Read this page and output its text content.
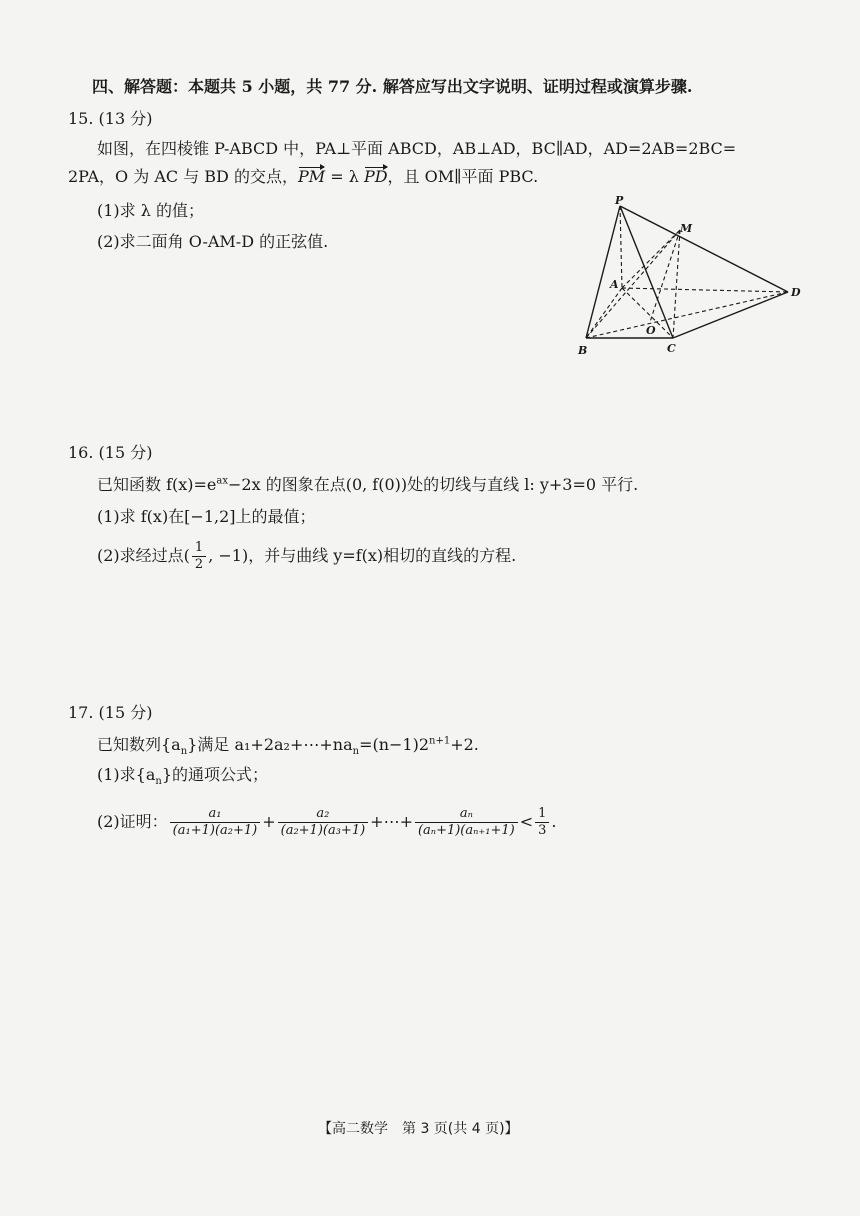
四、解答题：本题共 5 小题，共 77 分. 解答应写出文字说明、证明过程或演算步骤.
15. (13 分)
如图，在四棱锥 P-ABCD 中，PA⊥平面 ABCD，AB⊥AD，BC∥AD，AD=2AB=2BC=
2PA，O 为 AC 与 BD 的交点，PM = λ PD，且 OM∥平面 PBC.
(1)求 λ 的值；
(2)求二面角 O-AM-D 的正弦值.
P
M
A
D
O
B	C
16. (15 分)
已知函数 $f(x)=e^{ax}-2x$ 的图象在点(0, f(0))处的切线与直线 l: y+3=0 平行.
(1)求 f(x)在[−1,2]上的最值；
(2)求经过点( $\frac{1}{2}$ , −1)，并与曲线 y=f(x)相切的直线的方程.
17. (15 分)
已知数列$\{a_n\}$满足 $a_1+2a_2+\cdots+na_n=(n-1)2^{n+1}+2$.
(1)求$\{a_n\}$的通项公式；
(2)证明： $\frac{\text{a₁}}{\text{(a₁+1)(a₂+1)}} + \frac{\text{a₂}}{\text{(a₂+1)(a₃+1)}}$ +⋯+ $\frac{\text{aₙ}}{\text{(aₙ+1)(aₙ₊₁+1)}} < \frac{1}{3}$ .
【高二数学　第 3 页(共 4 页)】
